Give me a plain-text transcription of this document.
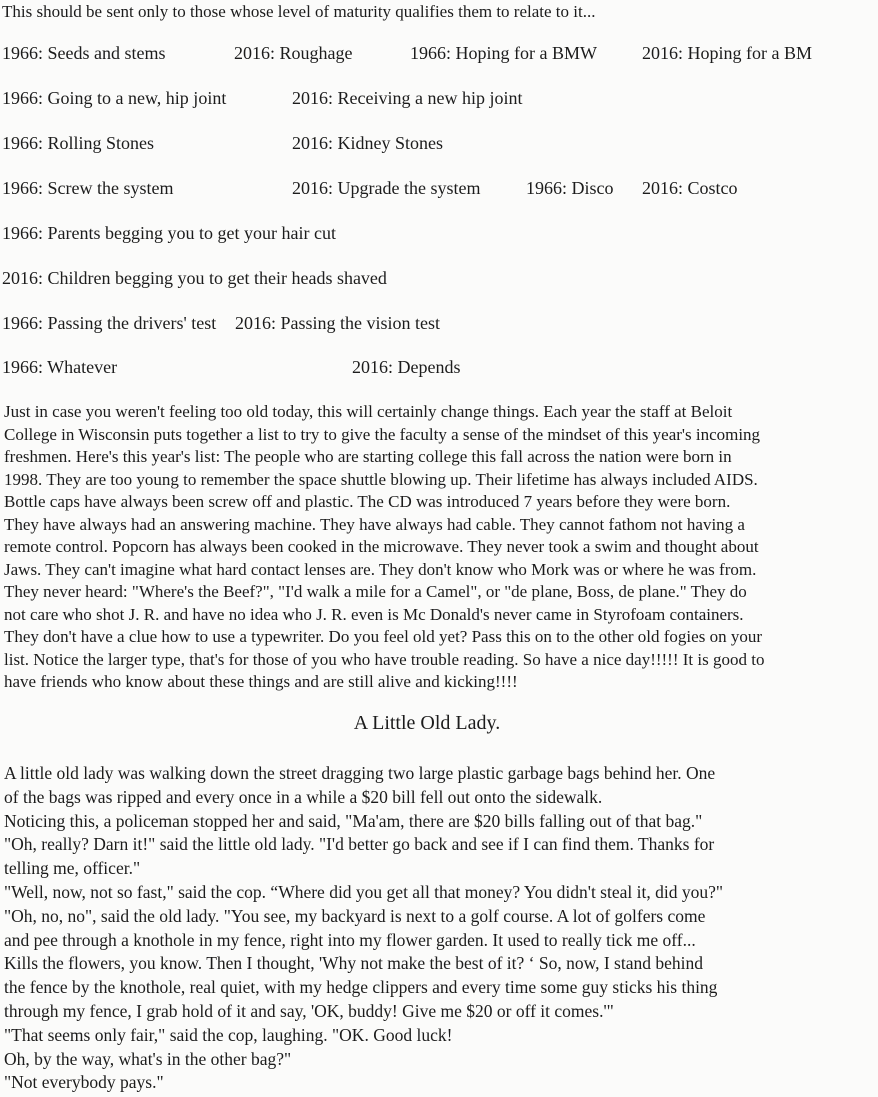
This should be sent only to those whose level of maturity qualifies them to relate to it...
1966: Seeds and stems	2016: Roughage	1966: Hoping for a BMW	2016: Hoping for a BM
1966: Going to a new, hip joint	2016: Receiving a new hip joint
1966: Rolling Stones	2016: Kidney Stones
1966: Screw the system	2016: Upgrade the system	1966: Disco 2016: Costco
1966: Parents begging you to get your hair cut
2016: Children begging you to get their heads shaved
1966: Passing the drivers' test 2016: Passing the vision test
1966: Whatever	2016: Depends

Just in case you weren't feeling too old today, this will certainly change things. Each year the staff at Beloit

College in Wisconsin puts together a list to try to give the faculty a sense of the mindset of this year's incoming

freshmen. Here's this year's list: The people who are starting college this fall across the nation were born in

1998. They are too young to remember the space shuttle blowing up. Their lifetime has always included AIDS.

Bottle caps have always been screw off and plastic. The CD was introduced 7 years before they were born.

They have always had an answering machine. They have always had cable. They cannot fathom not having a

remote control. Popcorn has always been cooked in the microwave. They never took a swim and thought about

Jaws. They can't imagine what hard contact lenses are. They don't know who Mork was or where he was from.

They never heard: "Where's the Beef?", "I'd walk a mile for a Camel", or "de plane, Boss, de plane." They do

not care who shot J. R. and have no idea who J. R. even is Mc Donald's never came in Styrofoam containers.

They don't have a clue how to use a typewriter. Do you feel old yet? Pass this on to the other old fogies on your

list. Notice the larger type, that's for those of you who have trouble reading. So have a nice day!!!!! It is good to

have friends who know about these things and are still alive and kicking!!!!

A Little Old Lady.

A little old lady was walking down the street dragging two large plastic garbage bags behind her. One

of the bags was ripped and every once in a while a $20 bill fell out onto the sidewalk.

Noticing this, a policeman stopped her and said, "Ma'am, there are $20 bills falling out of that bag."

"Oh, really? Darn it!" said the little old lady. "I'd better go back and see if I can find them. Thanks for

telling me, officer."

"Well, now, not so fast," said the cop. “Where did you get all that money? You didn't steal it, did you?"

"Oh, no, no", said the old lady. "You see, my backyard is next to a golf course. A lot of golfers come

and pee through a knothole in my fence, right into my flower garden. It used to really tick me off...

Kills the flowers, you know. Then I thought, 'Why not make the best of it? ‘ So, now, I stand behind

the fence by the knothole, real quiet, with my hedge clippers and every time some guy sticks his thing

through my fence, I grab hold of it and say, 'OK, buddy! Give me $20 or off it comes.'"

"That seems only fair," said the cop, laughing. "OK. Good luck!

Oh, by the way, what's in the other bag?"

"Not everybody pays."
